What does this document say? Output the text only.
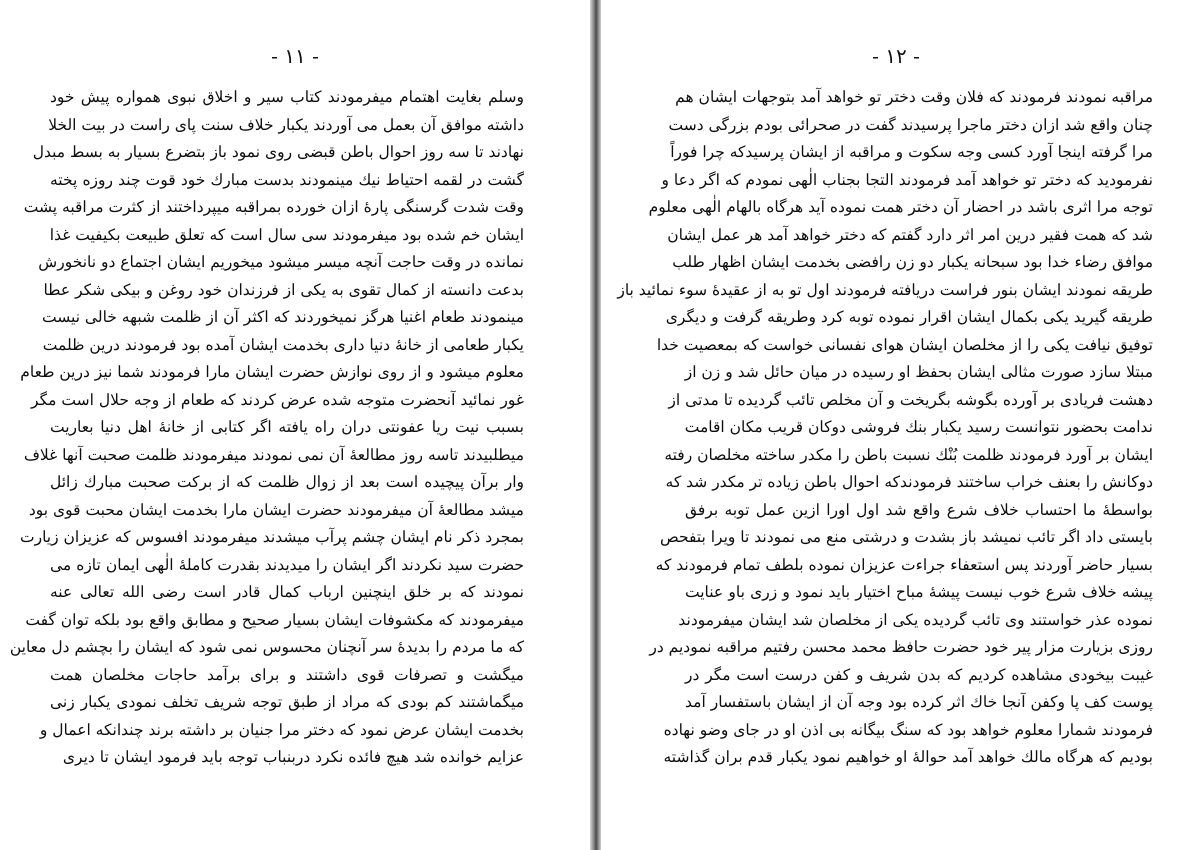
- ۱۱ -
وسلم بغایت اهتمام میفرمودند کتاب سیر و اخلاق نبوی همواره پیش خود
داشته موافق آن بعمل می آوردند یکبار خلاف سنت پای راست در بیت الخلا
نهادند تا سه روز احوال باطن قبضی روی نمود باز بتضرع بسیار به بسط مبدل
گشت در لقمه احتیاط نیك مینمودند بدست مبارك خود قوت چند روزه پخته
وقت شدت گرسنگی پارهٔ ازان خورده بمراقبه میپرداختند از کثرت مراقبه پشت
ایشان خم شده بود میفرمودند سی سال است که تعلق طبیعت بکیفیت غذا
نمانده در وقت حاجت آنچه میسر میشود میخوریم ایشان اجتماع دو نانخورش
بدعت دانسته از کمال تقوی به یکی از فرزندان خود روغن و بیکی شکر عطا
مینمودند طعام اغنیا هرگز نمیخوردند که اکثر آن از ظلمت شبهه خالی نیست
یکبار طعامی از خانهٔ دنیا داری بخدمت ایشان آمده بود فرمودند درین ظلمت
معلوم میشود و از روی نوازش حضرت ایشان مارا فرمودند شما نیز درین طعام
غور نمائید آنحضرت متوجه شده عرض کردند که طعام از وجه حلال است مگر
بسبب نیت ریا عفونتی دران راه یافته اگر کتابی از خانهٔ اهل دنیا بعاریت
میطلبیدند تاسه روز مطالعهٔ آن نمی نمودند میفرمودند ظلمت صحبت آنها غلاف
وار برآن پیچیده است بعد از زوال ظلمت که از برکت صحبت مبارك زائل
میشد مطالعهٔ آن میفرمودند حضرت ایشان مارا بخدمت ایشان محبت قوی بود
بمجرد ذکر نام ایشان چشم پرآب میشدند میفرمودند افسوس که عزیزان زیارت
حضرت سید نکردند اگر ایشان را میدیدند بقدرت کاملهٔ الٰهی ایمان تازه می
نمودند که بر خلق اینچنین ارباب کمال قادر است رضی الله تعالی عنه
میفرمودند که مکشوفات ایشان بسیار صحیح و مطابق واقع بود بلکه توان گفت
که ما مردم را بدیدهٔ سر آنچنان محسوس نمی شود که ایشان را بچشم دل معاین
میگشت و تصرفات قوی داشتند و برای برآمد حاجات مخلصان همت
میگماشتند کم بودی که مراد از طبق توجه شریف تخلف نمودی یکبار زنی
بخدمت ایشان عرض نمود که دختر مرا جنیان بر داشته برند چندانکه اعمال و
عزایم خوانده شد هیچ فائده نکرد دربنباب توجه باید فرمود ایشان تا دیری
- ۱۲ -
مراقبه نمودند فرمودند که فلان وقت دختر تو خواهد آمد بتوجهات ایشان هم
چنان واقع شد ازان دختر ماجرا پرسیدند گفت در صحرائی بودم بزرگی دست
مرا گرفته اینجا آورد کسی وجه سکوت و مراقبه از ایشان پرسیدکه چرا فوراً
نفرمودید که دختر تو خواهد آمد فرمودند التجا بجناب الٰهی نمودم که اگر دعا و
توجه مرا اثری باشد در احضار آن دختر همت نموده آید هرگاه بالهام الٰهی معلوم
شد که همت فقیر درین امر اثر دارد گفتم که دختر خواهد آمد هر عمل ایشان
موافق رضاء خدا بود سبحانه یکبار دو زن رافضی بخدمت ایشان اظهار طلب
طریقه نمودند ایشان بنور فراست دریافته فرمودند اول تو به از عقیدهٔ سوء نمائید باز
طریقه گیرید یکی بکمال ایشان اقرار نموده توبه کرد وطریقه گرفت و دیگری
توفیق نیافت یکی را از مخلصان ایشان هوای نفسانی خواست که بمعصیت خدا
مبتلا سازد صورت مثالی ایشان بحفظ او رسیده در میان حائل شد و زن از
دهشت فریادی بر آورده بگوشه بگریخت و آن مخلص تائب گردیده تا مدتی از
ندامت بحضور نتوانست رسید یکبار بنك فروشی دوکان قریب مکان اقامت
ایشان بر آورد فرمودند ظلمت بُنْك نسبت باطن را مکدر ساخته مخلصان رفته
دوکانش را بعنف خراب ساختند فرمودندکه احوال باطن زیاده تر مکدر شد که
بواسطهٔ ما احتساب خلاف شرع واقع شد اول اورا ازین عمل توبه برفق
بایستی داد اگر تائب نمیشد باز بشدت و درشتی منع می نمودند تا ویرا بتفحص
بسیار حاضر آوردند پس استعفاء جراءت عزیزان نموده بلطف تمام فرمودند که
پیشه خلاف شرع خوب نیست پیشهٔ مباح اختیار باید نمود و زری باو عنایت
نموده عذر خواستند وی تائب گردیده یکی از مخلصان شد ایشان میفرمودند
روزی بزیارت مزار پیر خود حضرت حافظ محمد محسن رفتیم مراقبه نمودیم در
غیبت بیخودی مشاهده کردیم که بدن شریف و کفن درست است مگر در
پوست کف پا وکفن آنجا خاك اثر کرده بود وجه آن از ایشان باستفسار آمد
فرمودند شمارا معلوم خواهد بود که سنگ بیگانه بی اذن او در جای وضو نهاده
بودیم که هرگاه مالك خواهد آمد حوالهٔ او خواهیم نمود یکبار قدم بران گذاشته
